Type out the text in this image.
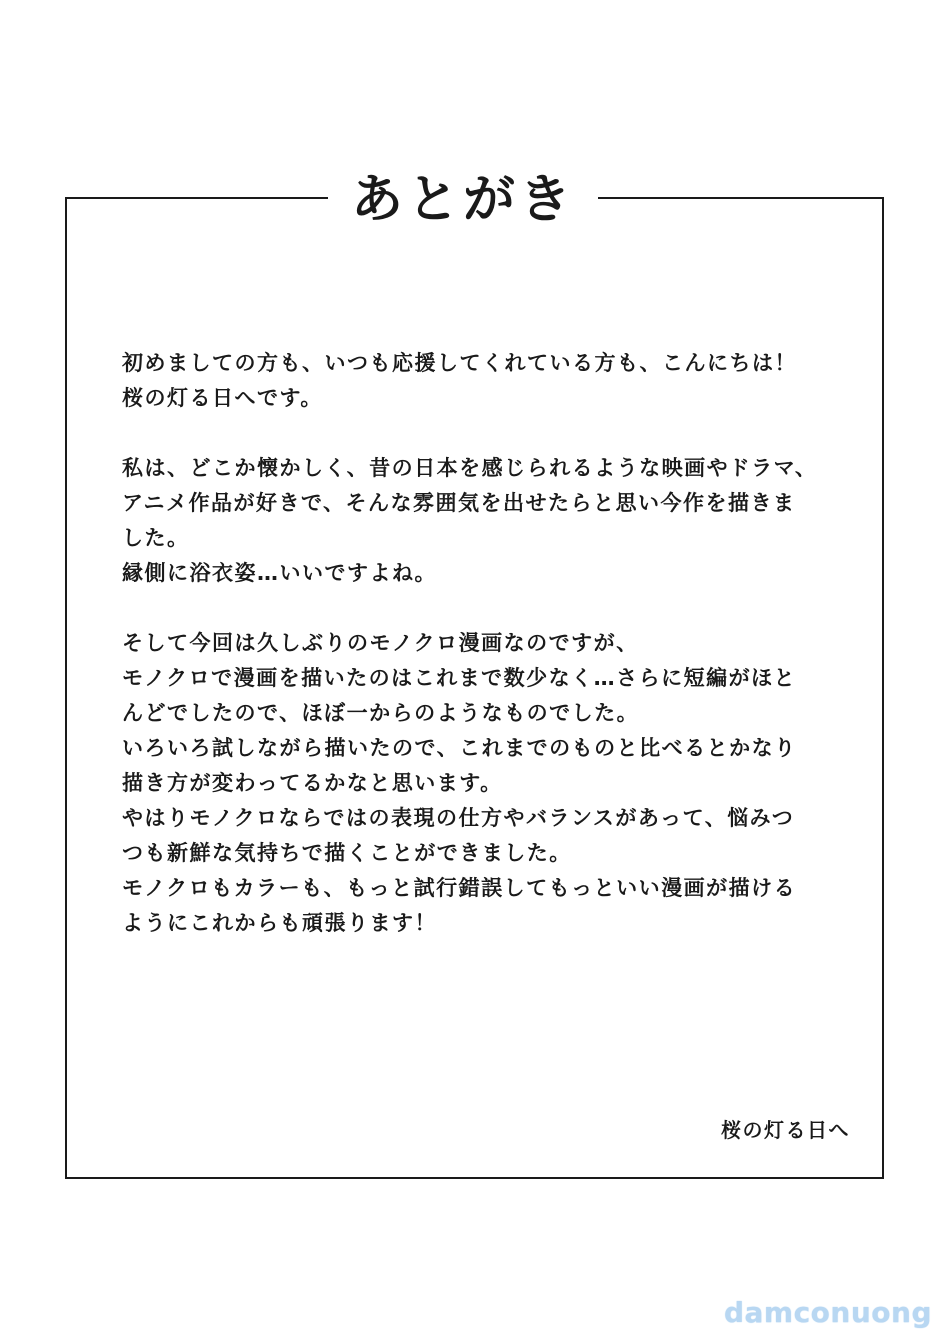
あとがき
初めましての方も、いつも応援してくれている方も、こんにちは！
桜の灯る日へです。
私は、どこか懐かしく、昔の日本を感じられるような映画やドラマ、
アニメ作品が好きで、そんな雰囲気を出せたらと思い今作を描きま
した。
縁側に浴衣姿…いいですよね。
そして今回は久しぶりのモノクロ漫画なのですが、
モノクロで漫画を描いたのはこれまで数少なく…さらに短編がほと
んどでしたので、ほぼ一からのようなものでした。
いろいろ試しながら描いたので、これまでのものと比べるとかなり
描き方が変わってるかなと思います。
やはりモノクロならではの表現の仕方やバランスがあって、悩みつ
つも新鮮な気持ちで描くことができました。
モノクロもカラーも、もっと試行錯誤してもっといい漫画が描ける
ようにこれからも頑張ります！
桜の灯る日へ
damconuong
